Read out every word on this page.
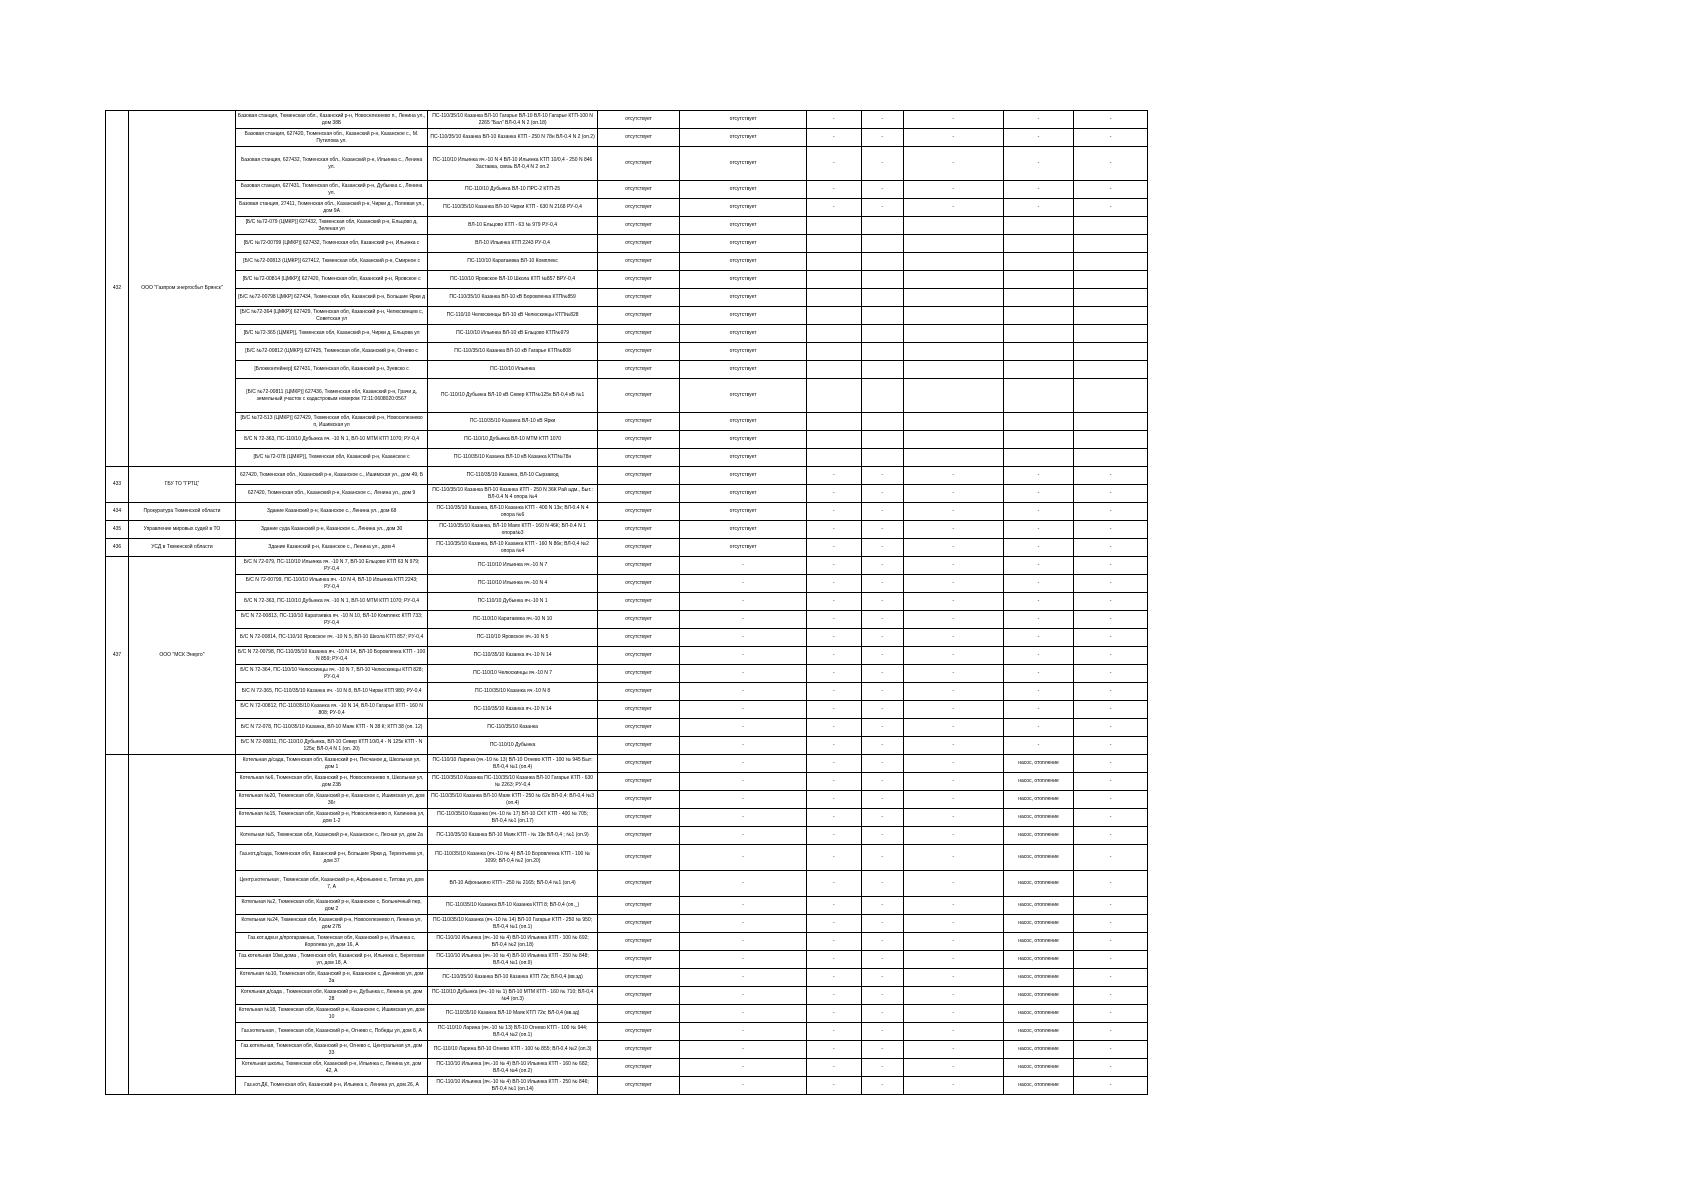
432	ООО "Газпром энергосбыт Брянск"	Базовая станция, Тюменская обл., Казанский р-н, Новоселезнево п., Ленина ул., дом 38Б	ПС-110/35/10 Казанка ВЛ-10 Гагарье ВЛ-10 ВЛ-10 Гагарье КТП-100 N 2265 "Бал" ВЛ-0.4 N 2 (оп.18)	отсутствует	отсутствует	-	-	-	-	-
		Базовая станция, 627420, Тюменская обл., Казанский р-н, Казанское с., М. Путилова ул.	ПС-110/35/10 Казанка ВЛ-10 Казанка КТП - 250 N 78н ВЛ-0.4 N 2 (оп.2)	отсутствует	отсутствует	-	-	-	-	-
		Базовая станция, 627432, Тюменская обл., Казанский р-н, Ильинка с., Ленина ул.	ПС-110/10 Ильинка яч.-10 N 4 ВЛ-10 Ильинка КТП 10/0,4 - 250 N 846 Заставка, связь ВЛ-0,4 N 2 оп.2	отсутствует	отсутствует	-	-	-	-	-
		Базовая станция, 627431, Тюменская обл., Казанский р-н, Дубынка с., Ленина ул.	ПС-110/10 Дубынка ВЛ-10 ПРС-2 КТП-25	отсутствует	отсутствует	-	-	-	-	-
		Базовая станция, 27411, Тюменская обл., Казанский р-н, Чирки д., Полевая ул., дом 9А	ПС-110/35/10 Казанка ВЛ-10 Чирки КТП - 630 N 2168 РУ-0,4	отсутствует	отсутствует	-	-	-	-	-
		[Б/С №72-079 (ЦМКР)] 627432, Тюменская обл, Казанский р-н, Ельцово д, Зеленая ул	ВЛ-10 Ельцово КТП - 63 № 979 РУ-0,4	отсутствует	отсутствует					
		[Б/С №72-00799 (ЦМКР)] 627432, Тюменская обл, Казанский р-н, Ильинка с	ВЛ-10 Ильинка КТП 2243 РУ-0,4	отсутствует	отсутствует					
		[Б/С №72-00813 (ЦМКР)] 627412, Тюменская обл, Казанский р-н, Смирное с	ПС-110/10 Каратаевка ВЛ-10 Комплекс	отсутствует	отсутствует					
		[Б/С №72-00814 (ЦМКР)] 627420, Тюменская обл, Казанский р-н, Яровское с	ПС-110/10 Яровское ВЛ-10 Школа КТП №857 ВРУ-0,4	отсутствует	отсутствует					
		[Б/С №72-00798 ЦМКР] 627434, Тюменская обл, Казанский р-н, Большие Ярки д	ПС-110/35/10 Казанка ВЛ-10 кВ Боровленка КТП№859	отсутствует	отсутствует					
		[Б/С №72-364 (ЦМКР)] 627429, Тюменская обл, Казанский р-н, Челюскинцев с, Советская ул	ПС-110/10 Челюскинцы ВЛ-10 кВ Челюскинцы КТП№828	отсутствует	отсутствует					
		[Б/С №72-365 (ЦМКР)], Тюменская обл, Казанский р-н, Чирки д, Ельцова ул	ПС-110/10 Ильинка ВЛ-10 кВ Ельцово КТП№979	отсутствует	отсутствует					
		[Б/С №72-00812 (ЦМКР)] 627425, Тюменская обл, Казанский р-н, Огнево с	ПС-110/35/10 Казанка ВЛ-10 кВ Гагарье КТП№808	отсутствует	отсутствует					
		[Блокконтейнер] 627431, Тюменская обл, Казанский р-н, Зуевско с	ПС-110/10 Ильинка	отсутствует	отсутствует					
		[Б/С №72-00811 (ЦМКР)] 627436, Тюменская обл, Казанский р-н, Грачи д, земельный участок с кадастровым номером 72:11:0608020:0567	ПС-110/10 Дубынка ВЛ-10 кВ Север КТП№125к ВЛ-0,4 кВ №1	отсутствует	отсутствует					
		[Б/С №72-513 (ЦМКР)] 627429, Тюменская обл, Казанский р-н, Новоселезнево п, Ишимская ул	ПС-110/35/10 Казанка ВЛ-10 кВ Ярки	отсутствует	отсутствует					
		Б/С N 72-363, ПС-110/10 Дубынка яч. -10 N 1, ВЛ-10 МТМ КТП 1070; РУ-0,4	ПС-110/10 Дубынка ВЛ-10 МТМ КТП 1070	отсутствует	отсутствует					
		[Б/С №72-078 (ЦМКР)], Тюменская обл, Казанский р-н, Казанское с	ПС-110/35/10 Казанка ВЛ-10 кВ Казанка КТП№78н	отсутствует	отсутствует					
433	ГБУ ТО "ГРТЦ"	627420, Тюменская обл., Казанский р-н, Казанское с., Ишимская ул., дом 49, Б	ПС-110/35/10 Казанка, ВЛ-10 Сырзавод	отсутствует	отсутствует	-	-	-	-	-
		627420, Тюменская обл., Казанский р-н, Казанское с., Ленина ул., дом 9	ПС-110/35/10 Казанка ВЛ-10 Казанка КТП - 250 N 36К Рай адм., Быт.: ВЛ-0.4 N 4 опора №4	отсутствует	отсутствует	-	-	-	-	-
434	Прокуратура Тюменской области	Здание Казанский р-н, Казанское с., Ленина ул., дом 68	ПС-110/35/10 Казанка, ВЛ-10 Казанка КТП - 400 N 13к; ВЛ-0.4 N 4 опора №6	отсутствует	отсутствует	-	-	-	-	-
435	Управление мировых судей в ТО	Здание суда Казанский р-н, Казанское с., Ленина ул., дом 30	ПС-110/35/10 Казанка, ВЛ-10 Маях КТП - 160 N 46К; ВЛ-0.4 N 1 опора№3	отсутствует	отсутствует	-	-	-	-	-
436	УСД в Тюменской области	Здание Казанский р-н, Казанское с., Ленина ул., дом 4	ПС-110/35/10 Казанка, ВЛ-10 Казанка КТП - 160 N 86к; ВЛ-0,4 №2 опора №4	отсутствует	отсутствует	-	-	-	-	-
437	ООО "МСК Энерго"	Б/С N 72-079, ПС-110/10 Ильинка яч. -10 N 7, ВЛ-10 Ельцово КТП 63 N 979; РУ-0,4	ПС-110/10 Ильинка яч.-10 N 7	отсутствует	-	-	-	-	-	-
		Б/С N 72-00799, ПС-110/10 Ильинка яч. -10 N 4, ВЛ-10 Ильинка КТП 2243; РУ-0,4	ПС-110/10 Ильинка яч.-10 N 4	отсутствует	-	-	-	-	-	-
		Б/С N 72-363, ПС-110/10 Дубынка яч. -10 N 1, ВЛ-10 МТМ КТП 1070; РУ-0,4	ПС-110/10 Дубынка яч.-10 N 1	отсутствует	-	-	-	-	-	-
		Б/С N 72-00813, ПС-110/10 Каратаевка яч. -10 N 10, ВЛ-10 Комплекс КТП 733; РУ-0,4	ПС-110/10 Каратаевка яч.-10 N 10	отсутствует	-	-	-	-	-	-
		Б/С N 72-00814, ПС-110/10 Яровское яч. -10 N 5, ВЛ-10 Школа КТП 857; РУ-0,4	ПС-110/10 Яровское яч.-10 N 5	отсутствует	-	-	-	-	-	-
		Б/С N 72-00798, ПС-110/35/10 Казанка яч. -10 N 14, ВЛ-10 Боровленка КТП - 100 N 859; РУ-0,4	ПС-110/35/10 Казанка яч.-10 N 14	отсутствует	-	-	-	-	-	-
		Б/С N 72-364, ПС-110/10 Челюскинцы яч. -10 N 7, ВЛ-10 Челюскинцы КТП 828; РУ-0,4	ПС-110/10 Челюскинцы яч.-10 N 7	отсутствует	-	-	-	-	-	-
		Б/С N 72-365, ПС-110/35/10 Казанка яч. -10 N 8, ВЛ-10 Чирки КТП 980; РУ-0,4	ПС-110/35/10 Казанка яч.-10 N 8	отсутствует	-	-	-	-	-	-
		Б/С N 72-00812, ПС-110/35/10 Казанка яч. -10 N 14, ВЛ-10 Гагарье КТП - 160 N 808; РУ-0,4	ПС-110/35/10 Казанка яч.-10 N 14	отсутствует	-	-	-	-	-	-
		Б/С N 72-078, ПС-110/35/10 Казанка, ВЛ-10 Маяк КТП - N 38 К; КТП 38 (оп. 12)	ПС-110/35/10 Казанка	отсутствует	-	-	-	-	-	-
		Б/С N 72-00811, ПС-110/10 Дубынка, ВЛ-10 Север КТП 10/0,4 - N 125к КТП - N 125к; ВЛ-0,4 N 1 (оп. 20)	ПС-110/10 Дубынка	отсутствует	-	-	-	-	-	-
		Котельная д/сада, Тюменская обл, Казанский р-н, Песчаное д, Школьная ул, дом 1	ПС-110/10 Ларина (яч.-10 № 13) ВЛ-10 Огнево КТП - 100 № 945 Быт: ВЛ-0,4 №1 (оп.4)	отсутствует	-	-	-	-	насос, отопление	-
		Котельная №6, Тюменская обл, Казанский р-н, Новоселезнево п, Школьная ул, дом 23Б	ПС-110/35/10 Казанка ПС-110/35/10 Казанка ВЛ-10 Гагарье КТП - 630 № 2263; РУ-0,4	отсутствует	-	-	-	-	насос, отопление	-
		Котельная №20, Тюменская обл, Казанский р-н, Казанское с, Ишимская ул, дом 36г	ПС-110/35/10 Казанка ВЛ-10 Маяк КТП - 250 № 62к ВЛ-0,4: ВЛ-0,4 №3 (оп.4)	отсутствует	-	-	-	-	насос, отопление	-
		Котельная №15, Тюменская обл, Казанский р-н, Новоселезнево п, Калинина ул, дом 1-2	ПС-110/35/10 Казанка (яч.-10 № 17) ВЛ-10 СХТ КТП - 400 № 705; ВЛ-0,4 №1 (оп.17)	отсутствует	-	-	-	-	насос, отопление	-
		Котельная №5, Тюменская обл, Казанский р-н, Казанское с, Лесная ул, дом 2а	ПС-110/35/10 Казанка ВЛ-10 Маяк КТП - № 19к ВЛ-0,4 ; №1 (оп.9)	отсутствует	-	-	-	-	насос, отопление	-
		Газ.кот.д/сада, Тюменская обл, Казанский р-н, Большие Ярки д, Терентьева ул, дом 37	ПС-110/35/10 Казанка (яч.-10 № 4) ВЛ-10 Боровленка КТП - 100 № 1099; ВЛ-0,4 №2 (оп.20)	отсутствует	-	-	-	-	насос, отопление	-
		Центр.котельная , Тюменская обл, Казанский р-н, Афонькино с, Титова ул, дом 7, А	ВЛ-10 Афонькино КТП - 250 № 2165; ВЛ-0,4 №1 (оп.4)	отсутствует	-	-	-	-	насос, отопление	-
		Котельная №2, Тюменская обл, Казанский р-н, Казанское с, Больничный пер, дом 2	ПС-110/35/10 Казанка ВЛ-10 Казанка КТП 8; ВЛ-0,4 (оп._)	отсутствует	-	-	-	-	насос, отопление	-
		Котельная №24, Тюменская обл, Казанский р-н, Новоселезнево п, Ленина ул, дом 27Б	ПС-110/35/10 Казанка (яч.-10 № 14) ВЛ-10 Гагарье КТП - 250 № 950; ВЛ-0,4 №1 (оп.1)	отсутствует	-	-	-	-	насос, отопление	-
		Газ.кот.адм.и д/прогаражных, Тюменская обл, Казанский р-н, Ильинка с, Королева ул, дом 16, А	ПС-110/10 Ильинка (яч.-10 № 4) ВЛ-10 Ильинка КТП - 100 № 692; ВЛ-0,4 №2 (оп.18)	отсутствует	-	-	-	-	насос, отопление	-
		Газ.котельная 10кв.дома , Тюменская обл, Казанский р-н, Ильинка с, Береговая ул, дом 18, А	ПС-110/10 Ильинка (яч.-10 № 4) ВЛ-10 Ильинка КТП - 250 № 848; ВЛ-0,4 №1 (оп.9)	отсутствует	-	-	-	-	насос, отопление	-
		Котельная №10, Тюменская обл, Казанский р-н, Казанское с, Дачников ул, дом 3а	ПС-110/35/10 Казанка ВЛ-10 Казанка КТП 72к; ВЛ-0,4 (вв.зд)	отсутствует	-	-	-	-	насос, отопление	-
		Котельная д/сада , Тюменская обл, Казанский р-н, Дубынка с, Ленина ул, дом 28	ПС-110/10 Дубынка (яч.-10 № 1) ВЛ-10 МТМ КТП - 160 № 710; ВЛ-0,4 №4 (оп.3)	отсутствует	-	-	-	-	насос, отопление	-
		Котельная №18, Тюменская обл, Казанский р-н, Казанское с, Ишимская ул, дом 10	ПС-110/35/10 Казанка ВЛ-10 Маяк КТП 72к; ВЛ-0,4 (вв.зд)	отсутствует	-	-	-	-	насос, отопление	-
		Газ.котельная , Тюменская обл, Казанский р-н, Огнево с, Победы ул, дом 8, А	ПС-110/10 Ларина (яч.-10 № 13) ВЛ-10 Огнево КТП - 100 № 944; ВЛ-0,4 №2 (оп.1)	отсутствует	-	-	-	-	насос, отопление	-
		Газ.котельная, Тюменская обл, Казанский р-н, Огнево с, Центральная ул, дом 33	ПС-110/10 Ларина ВЛ-10 Огнево КТП - 100 № 855; ВЛ-0,4 №2 (оп.3)	отсутствует	-	-	-	-	насос, отопление	-
		Котельная школы, Тюменская обл, Казанский р-н, Ильинка с, Ленина ул, дом 42, А	ПС-110/10 Ильинка (яч.-10 № 4) ВЛ-10 Ильинка КТП - 160 № 682; ВЛ-0,4 №4 (оп.2)	отсутствует	-	-	-	-	насос, отопление	-
		Газ.кот.ДК, Тюменская обл, Казанский р-н, Ильинка с, Ленина ул, дом 26, А	ПС-110/10 Ильинка (яч.-10 № 4) ВЛ-10 Ильинка КТП - 250 № 846; ВЛ-0,4 №1 (оп.14)	отсутствует	-	-	-	-	насос, отопление	-
